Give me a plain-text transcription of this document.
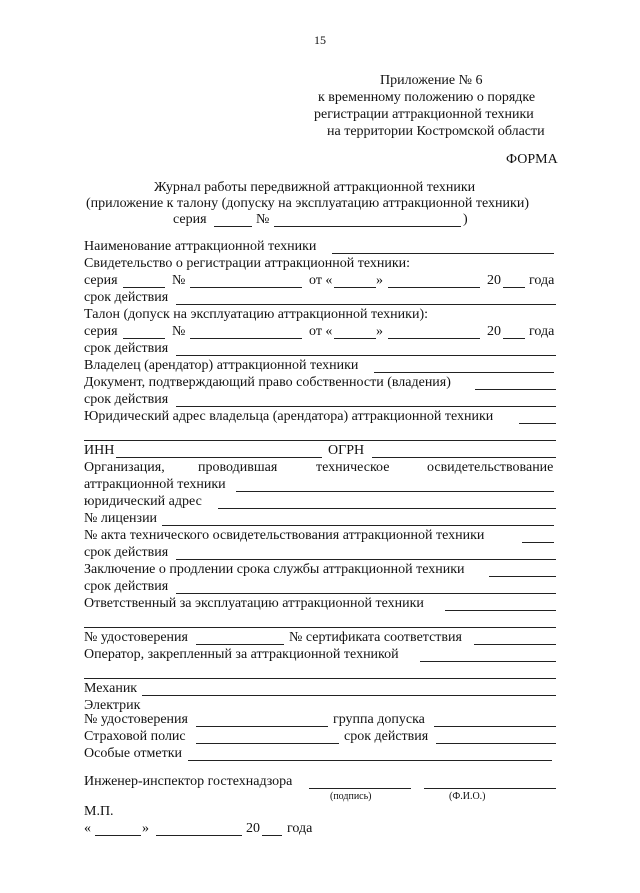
15
Приложение № 6
к временному положению о порядке
регистрации аттракционной техники
на территории Костромской области
ФОРМА
Журнал работы передвижной аттракционной техники
(приложение к талону (допуску на эксплуатацию аттракционной техники)
серия	№	)
Наименование аттракционной техники
Свидетельство о регистрации аттракционной техники:
серия	№	от «	»	20 года
срок действия
Талон (допуск на эксплуатацию аттракционной техники):
серия	№	от «	»	20 года
срок действия
Владелец (арендатор) аттракционной техники
Документ, подтверждающий право собственности (владения)
срок действия
Юридический адрес владельца (арендатора) аттракционной техники
ИНН	ОГРН
Организация, проводившая	техническое	освидетельствование
аттракционной техники
юридический адрес
№ лицензии
№ акта технического освидетельствования аттракционной техники
срок действия
Заключение о продлении срока службы аттракционной техники
срок действия
Ответственный за эксплуатацию аттракционной техники
№ удостоверения	№ сертификата соответствия
Оператор, закрепленный за аттракционной техникой
Механик
Электрик
№ удостоверения	группа допуска
Страховой полис	срок действия
Особые отметки
Инженер-инспектор гостехнадзора
(подпись)	(Ф.И.О.)
М.П.
«	»	20 года
